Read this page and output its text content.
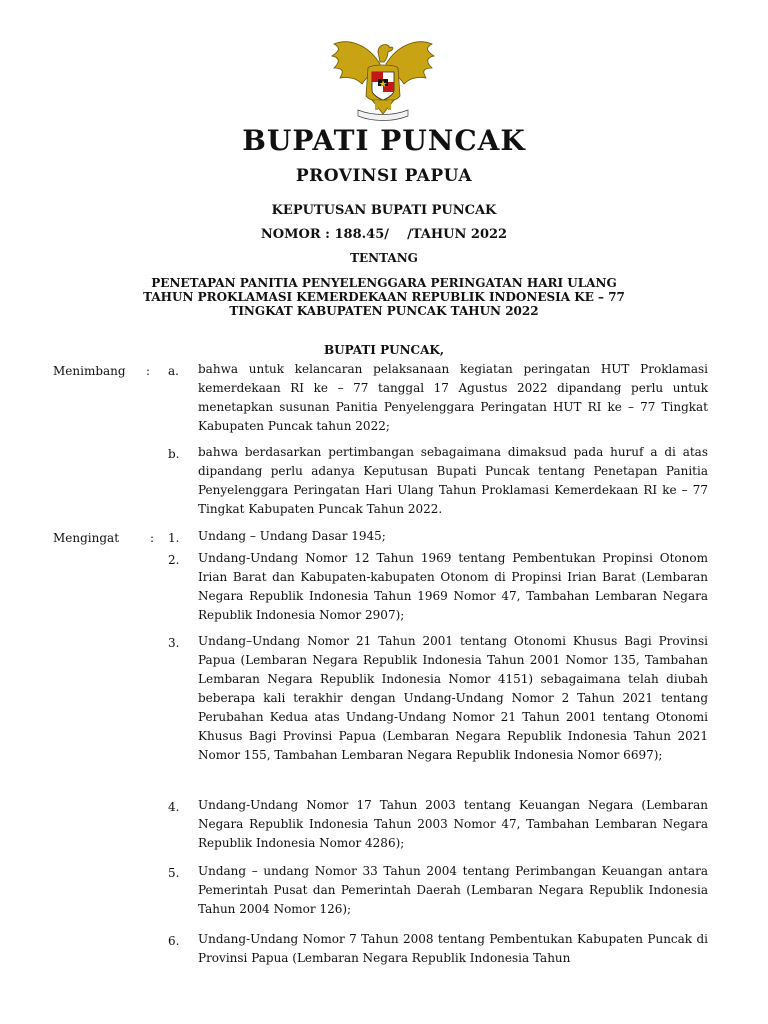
BUPATI PUNCAK
PROVINSI PAPUA
KEPUTUSAN BUPATI PUNCAK
NOMOR : 188.45/    /TAHUN 2022
TENTANG
PENETAPAN PANITIA PENYELENGGARA PERINGATAN HARI ULANG
TAHUN PROKLAMASI KEMERDEKAAN REPUBLIK INDONESIA KE – 77
TINGKAT KABUPATEN PUNCAK TAHUN 2022
BUPATI PUNCAK,
Menimbang : a. bahwa untuk kelancaran pelaksanaan kegiatan peringatan HUT Proklamasi kemerdekaan RI ke – 77 tanggal 17 Agustus 2022 dipandang perlu untuk menetapkan susunan Panitia Penyelenggara Peringatan HUT RI ke – 77 Tingkat Kabupaten Puncak tahun 2022;
b. bahwa berdasarkan pertimbangan sebagaimana dimaksud pada huruf a di atas dipandang perlu adanya Keputusan Bupati Puncak tentang Penetapan Panitia Penyelenggara Peringatan Hari Ulang Tahun Proklamasi Kemerdekaan RI ke – 77 Tingkat Kabupaten Puncak Tahun 2022.
Mengingat	: 1. Undang – Undang Dasar 1945;
2. Undang-Undang Nomor 12 Tahun 1969 tentang Pembentukan Propinsi Otonom Irian Barat dan Kabupaten-kabupaten Otonom di Propinsi Irian Barat (Lembaran Negara Republik Indonesia Tahun 1969 Nomor 47, Tambahan Lembaran Negara Republik Indonesia Nomor 2907);
3. Undang–Undang Nomor 21 Tahun 2001 tentang Otonomi Khusus Bagi Provinsi Papua (Lembaran Negara Republik Indonesia Tahun 2001 Nomor 135, Tambahan Lembaran Negara Republik Indonesia Nomor 4151) sebagaimana telah diubah beberapa kali terakhir dengan Undang-Undang Nomor 2 Tahun 2021 tentang Perubahan Kedua atas Undang-Undang Nomor 21 Tahun 2001 tentang Otonomi Khusus Bagi Provinsi Papua (Lembaran Negara Republik Indonesia Tahun 2021 Nomor 155, Tambahan Lembaran Negara Republik Indonesia Nomor 6697);
4. Undang-Undang Nomor 17 Tahun 2003 tentang Keuangan Negara (Lembaran Negara Republik Indonesia Tahun 2003 Nomor 47, Tambahan Lembaran Negara Republik Indonesia Nomor 4286);
5. Undang – undang Nomor 33 Tahun 2004 tentang Perimbangan Keuangan antara Pemerintah Pusat dan Pemerintah Daerah (Lembaran Negara Republik Indonesia Tahun 2004 Nomor 126);
6. Undang-Undang Nomor 7 Tahun 2008 tentang Pembentukan Kabupaten Puncak di Provinsi Papua (Lembaran Negara Republik Indonesia Tahun
